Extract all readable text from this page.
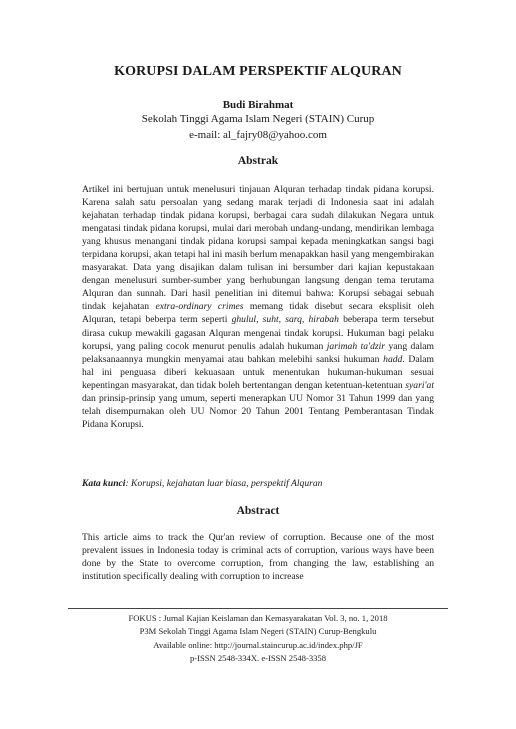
KORUPSI DALAM PERSPEKTIF ALQURAN
Budi Birahmat
Sekolah Tinggi Agama Islam Negeri (STAIN) Curup
e-mail: al_fajry08@yahoo.com
Abstrak
Artikel ini bertujuan untuk menelusuri tinjauan Alquran terhadap tindak pidana korupsi. Karena salah satu persoalan yang sedang marak terjadi di Indonesia saat ini adalah kejahatan terhadap tindak pidana korupsi, berbagai cara sudah dilakukan Negara untuk mengatasi tindak pidana korupsi, mulai dari merobah undang-undang, mendirikan lembaga yang khusus menangani tindak pidana korupsi sampai kepada meningkatkan sangsi bagi terpidana korupsi, akan tetapi hal ini masih berlum menapakkan hasil yang mengembirakan masyarakat. Data yang disajikan dalam tulisan ini bersumber dari kajian kepustakaan dengan menelusuri sumber-sumber yang berhubungan langsung dengan tema terutama Alquran dan sunnah. Dari hasil penelitian ini ditemui bahwa: Korupsi sebagai sebuah tindak kejahatan extra-ordinary crimes memang tidak disebut secara eksplisit oleh Alquran, tetapi beberpa term seperti ghulul, suht, sarq, hirabah beberapa term tersebut dirasa cukup mewakili gagasan Alquran mengenai tindak korupsi. Hukuman bagi pelaku korupsi, yang paling cocok menurut penulis adalah hukuman jarimah ta'dzir yang dalam pelaksanaannya mungkin menyamai atau bahkan melebihi sanksi hukuman hadd. Dalam hal ini penguasa diberi kekuasaan untuk menentukan hukuman-hukuman sesuai kepentingan masyarakat, dan tidak boleh bertentangan dengan ketentuan-ketentuan syari'at dan prinsip-prinsip yang umum, seperti menerapkan UU Nomor 31 Tahun 1999 dan yang telah disempurnakan oleh UU Nomor 20 Tahun 2001 Tentang Pemberantasan Tindak Pidana Korupsi.
Kata kunci: Korupsi, kejahatan luar biasa, perspektif Alquran
Abstract
This article aims to track the Qur'an review of corruption. Because one of the most prevalent issues in Indonesia today is criminal acts of corruption, various ways have been done by the State to overcome corruption, from changing the law, establishing an institution specifically dealing with corruption to increase
FOKUS : Jurnal Kajian Keislaman dan Kemasyarakatan Vol. 3, no. 1, 2018
P3M Sekolah Tinggi Agama Islam Negeri (STAIN) Curup-Bengkulu
Available online: http://journal.staincurup.ac.id/index.php/JF
p-ISSN 2548-334X. e-ISSN 2548-3358
